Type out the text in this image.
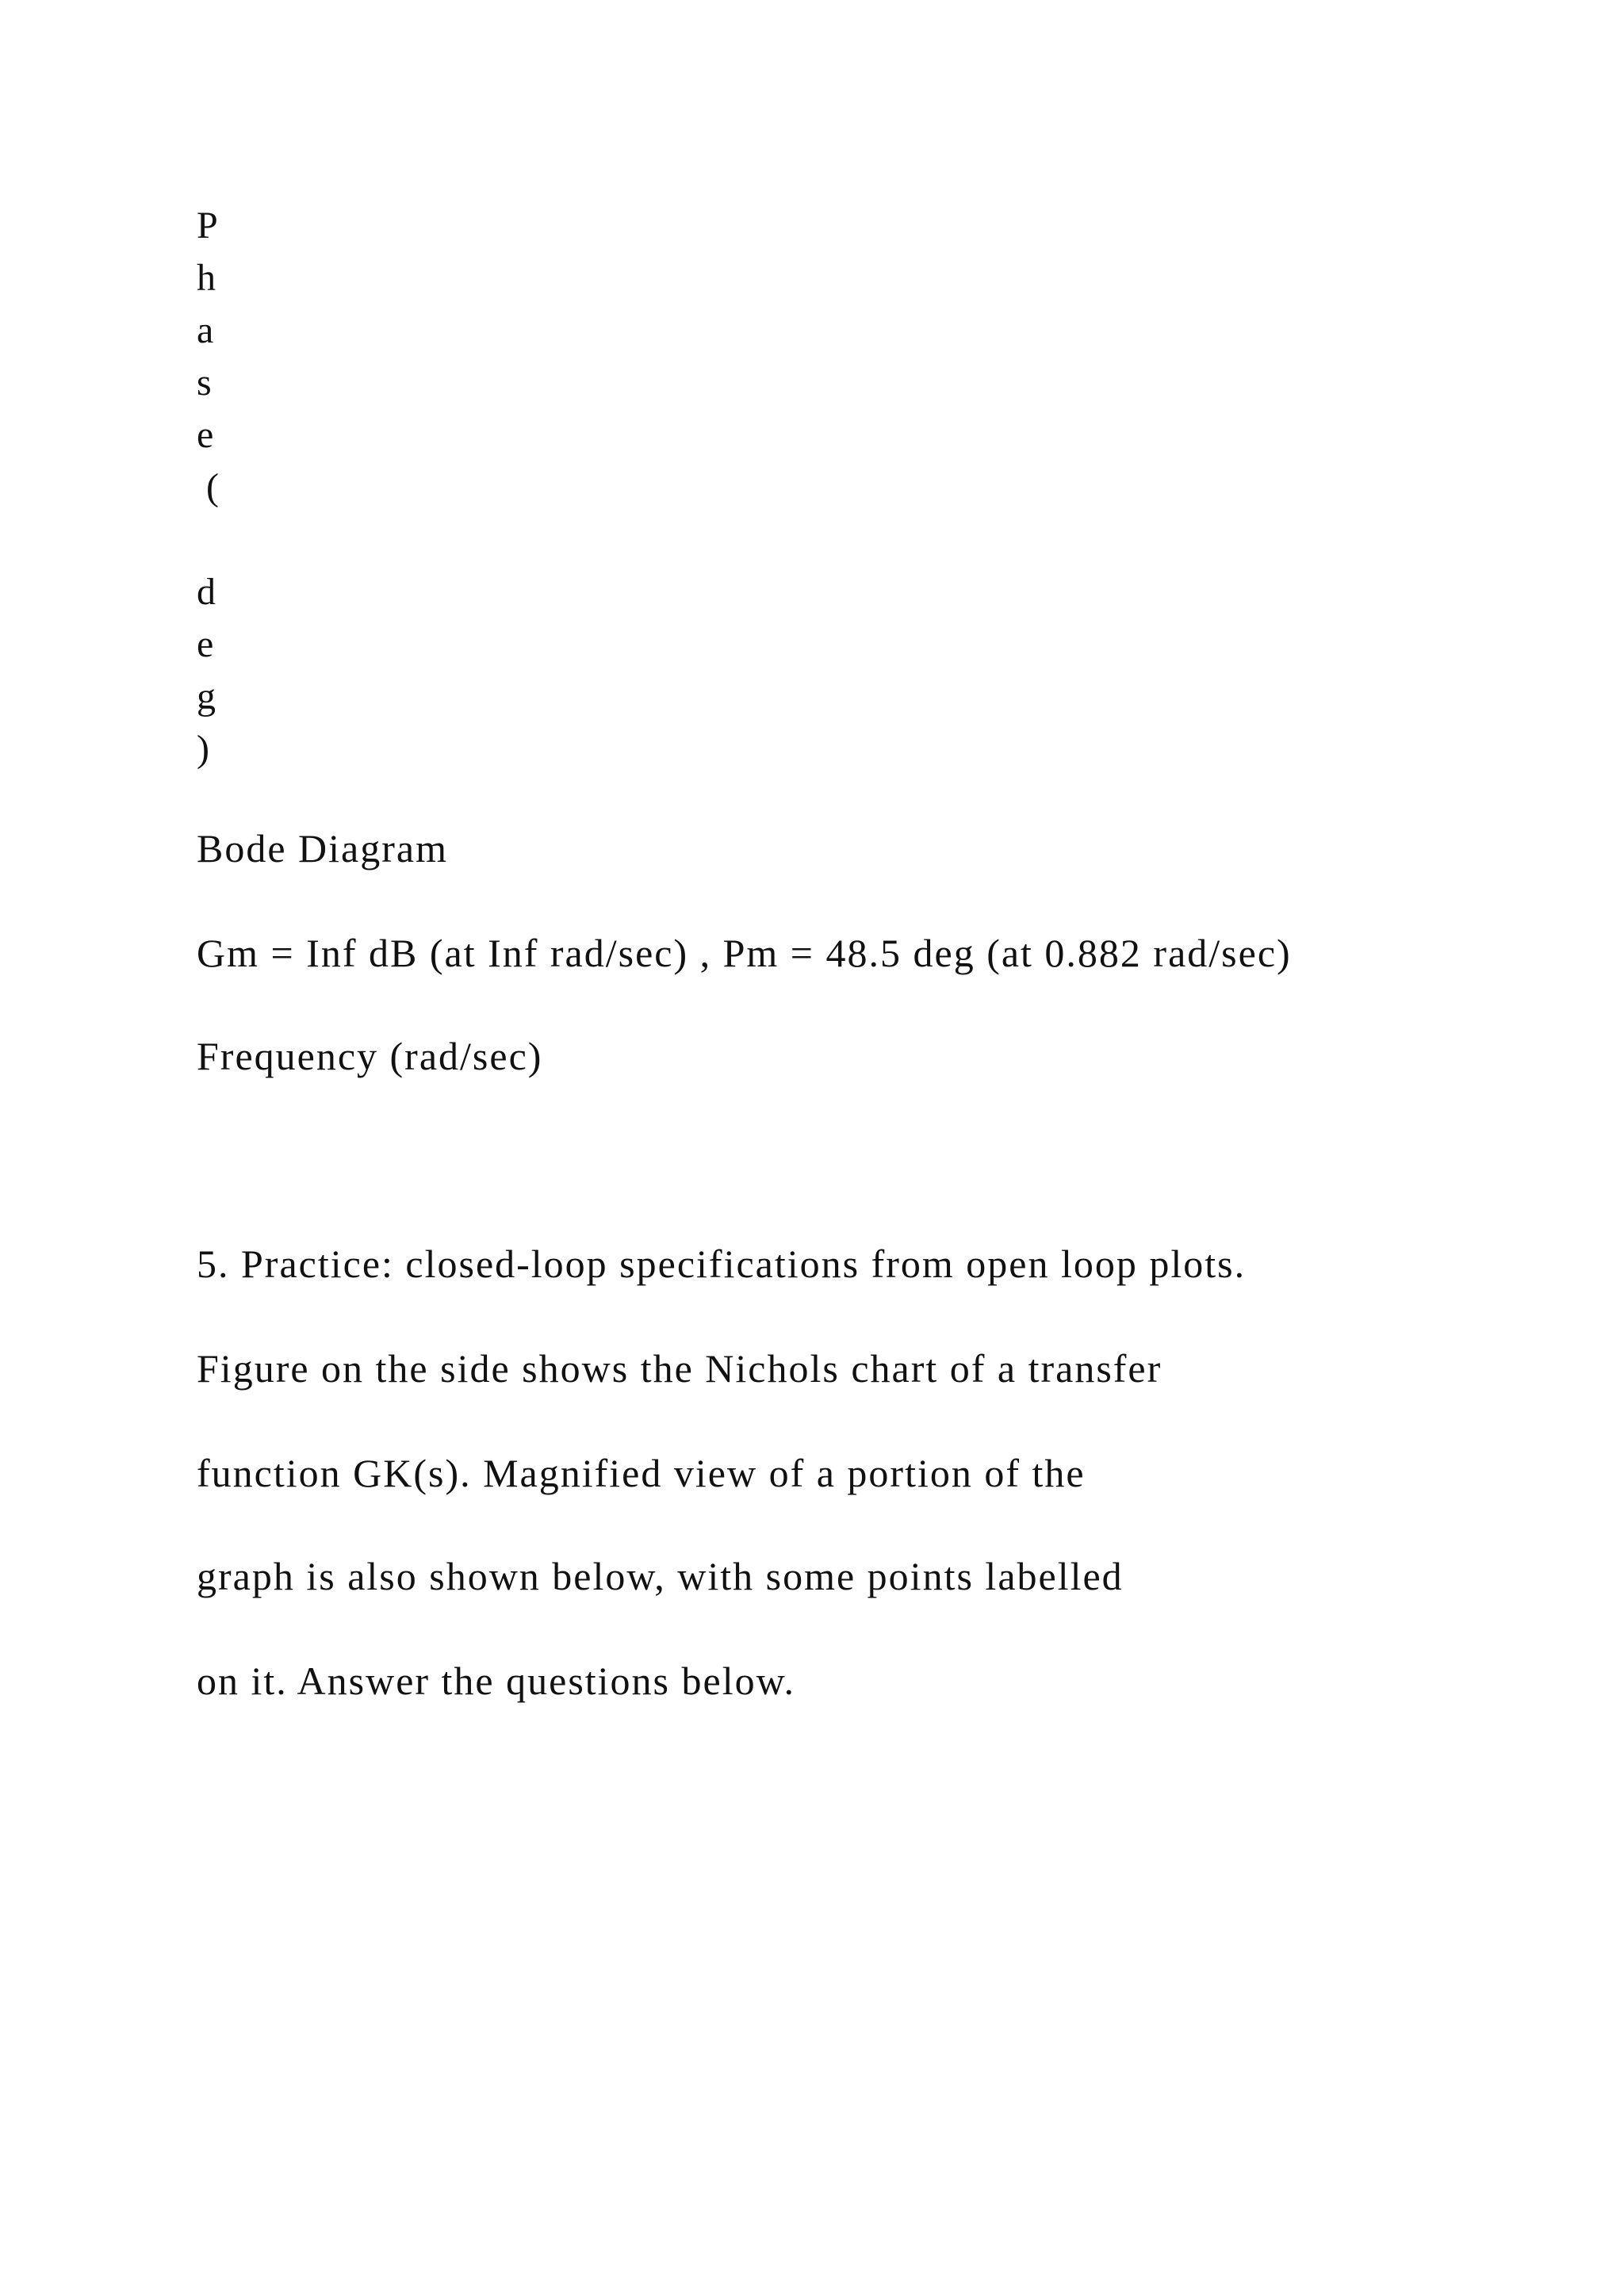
P
h
a
s
e
(
d
e
g
)
Bode Diagram
Gm = Inf dB (at Inf rad/sec) , Pm = 48.5 deg (at 0.882 rad/sec)
Frequency (rad/sec)
5. Practice: closed-loop specifications from open loop plots.
Figure on the side shows the Nichols chart of a transfer
function GK(s). Magnified view of a portion of the
graph is also shown below, with some points labelled
on it. Answer the questions below.
